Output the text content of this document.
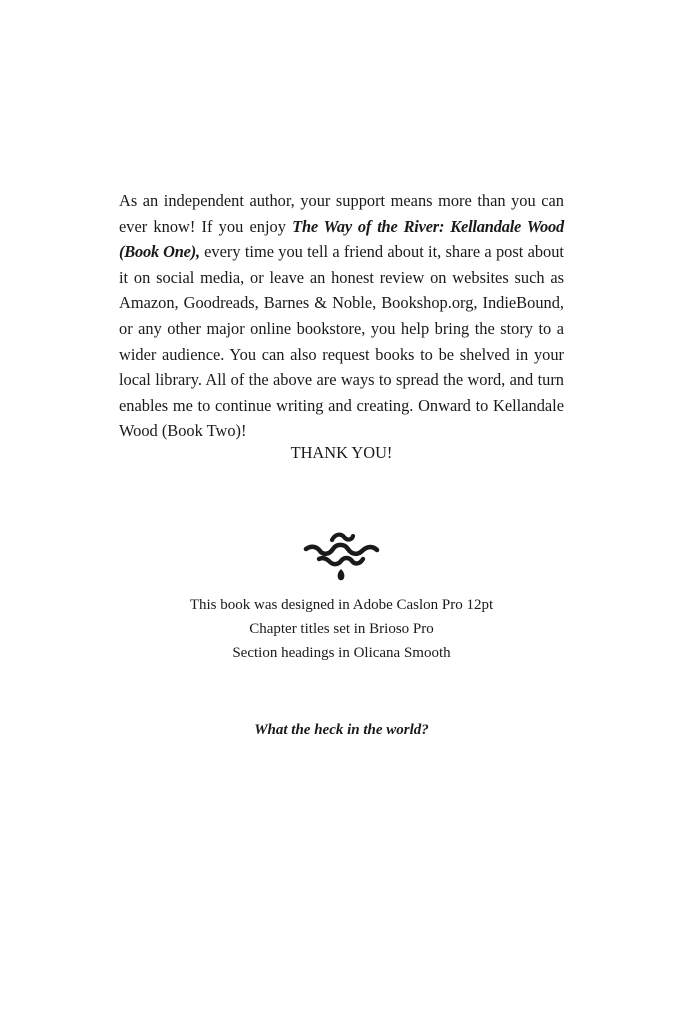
As an independent author, your support means more than you can ever know! If you enjoy The Way of the River: Kellandale Wood (Book One), every time you tell a friend about it, share a post about it on social media, or leave an honest review on websites such as Amazon, Goodreads, Barnes & Noble, Bookshop.org, IndieBound, or any other major online bookstore, you help bring the story to a wider audience. You can also request books to be shelved in your local library. All of the above are ways to spread the word, and turn enables me to continue writing and creating. Onward to Kellandale Wood (Book Two)!

THANK YOU!

This book was designed in Adobe Caslon Pro 12pt
Chapter titles set in Brioso Pro
Section headings in Olicana Smooth
What the heck in the world?
